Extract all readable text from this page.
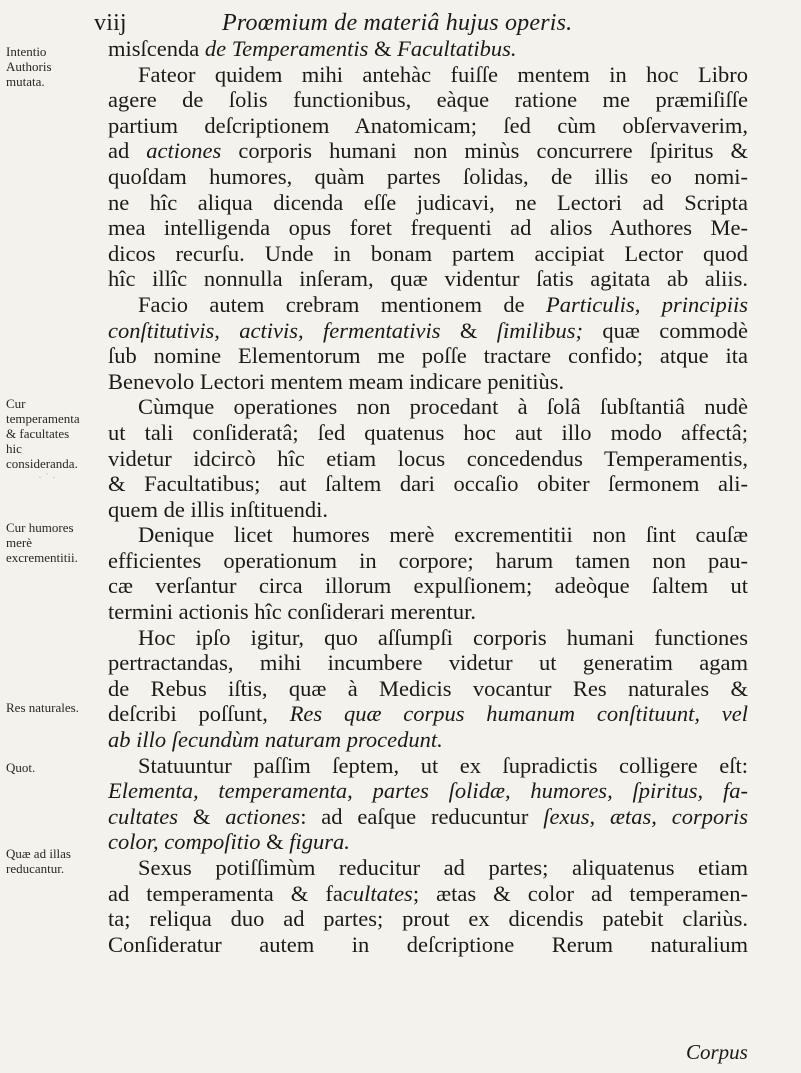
viij	Proœmium de materiâ hujus operis.
Intentio Authoris mutata.
Cur temperamenta & facultates hic consideranda.
Cur humores merè excrementitii.
Res naturales.
Quot.
Quæ ad illas reducantur.
· ˙ ·
misſcenda de Temperamentis & Facultatibus.
Fateor quidem mihi antehàc fuiſſe mentem in hoc Libro
agere de ſolis functionibus, eàque ratione me præmiſiſſe
partium deſcriptionem Anatomicam; ſed cùm obſervaverim,
ad actiones corporis humani non minùs concurrere ſpiritus &
quoſdam humores, quàm partes ſolidas, de illis eo nomi-
ne hîc aliqua dicenda eſſe judicavi, ne Lectori ad Scripta
mea intelligenda opus foret frequenti ad alios Authores Me-
dicos recurſu. Unde in bonam partem accipiat Lector quod
hîc illîc nonnulla inſeram, quæ videntur ſatis agitata ab aliis.
Facio autem crebram mentionem de Particulis, principiis
conſtitutivis, activis, fermentativis & ſimilibus; quæ commodè
ſub nomine Elementorum me poſſe tractare confido; atque ita
Benevolo Lectori mentem meam indicare penitiùs.
Cùmque operationes non procedant à ſolâ ſubſtantiâ nudè
ut tali conſideratâ; ſed quatenus hoc aut illo modo affectâ;
videtur idcircò hîc etiam locus concedendus Temperamentis,
& Facultatibus; aut ſaltem dari occaſio obiter ſermonem ali-
quem de illis inſtituendi.
Denique licet humores merè excrementitii non ſint cauſæ
efficientes operationum in corpore; harum tamen non pau-
cæ verſantur circa illorum expulſionem; adeòque ſaltem ut
termini actionis hîc conſiderari merentur.
Hoc ipſo igitur, quo aſſumpſi corporis humani functiones
pertractandas, mihi incumbere videtur ut generatim agam
de Rebus iſtis, quæ à Medicis vocantur Res naturales &
deſcribi poſſunt, Res quæ corpus humanum conſtituunt, vel
ab illo ſecundùm naturam procedunt.
Statuuntur paſſim ſeptem, ut ex ſupradictis colligere eſt:
Elementa, temperamenta, partes ſolidæ, humores, ſpiritus, fa-
cultates & actiones: ad eaſque reducuntur ſexus, ætas, corporis
color, compoſitio & figura.
Sexus potiſſimùm reducitur ad partes; aliquatenus etiam
ad temperamenta & facultates; ætas & color ad temperamen-
ta; reliqua duo ad partes; prout ex dicendis patebit clariùs.
Conſideratur autem in deſcriptione Rerum naturalium
Corpus
